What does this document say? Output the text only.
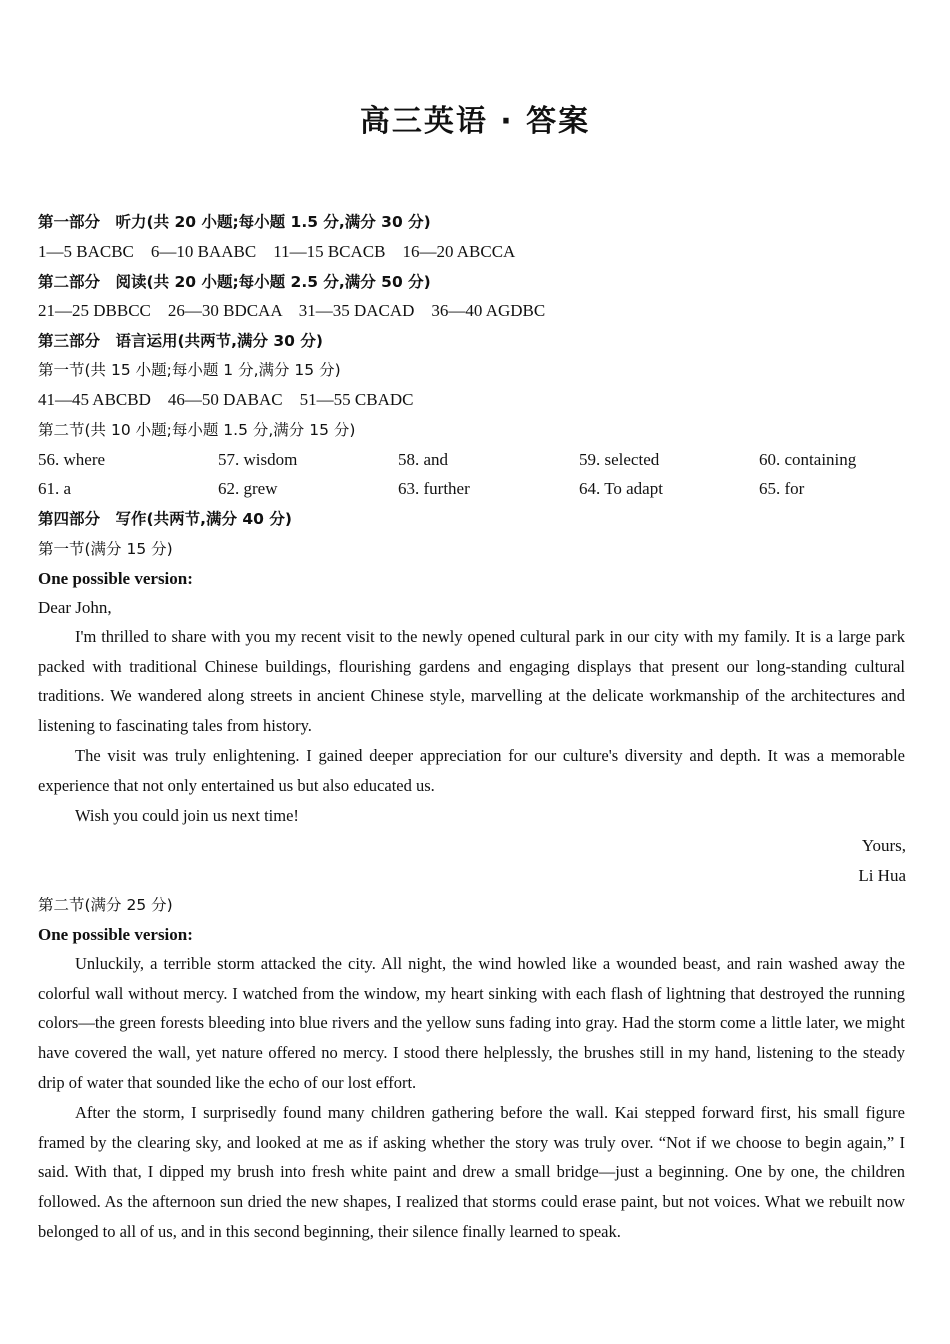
高三英语 · 答案
第一部分　听力(共 20 小题;每小题 1.5 分,满分 30 分)
1—5 BACBC　6—10 BAABC　11—15 BCACB　16—20 ABCCA
第二部分　阅读(共 20 小题;每小题 2.5 分,满分 50 分)
21—25 DBBCC　26—30 BDCAA　31—35 DACAD　36—40 AGDBC
第三部分　语言运用(共两节,满分 30 分)
第一节(共 15 小题;每小题 1 分,满分 15 分)
41—45 ABCBD　46—50 DABAC　51—55 CBADC
第二节(共 10 小题;每小题 1.5 分,满分 15 分)
56. where	57. wisdom	58. and	59. selected	60. containing
61. a	62. grew	63. further	64. To adapt	65. for
第四部分　写作(共两节,满分 40 分)
第一节(满分 15 分)
One possible version:
Dear John,

I'm thrilled to share with you my recent visit to the newly opened cultural park in our city with my family. It is a large park packed with traditional Chinese buildings, flourishing gardens and engaging displays that present our long-standing cultural traditions. We wandered along streets in ancient Chinese style, marvelling at the delicate workmanship of the architectures and listening to fascinating tales from history.

The visit was truly enlightening. I gained deeper appreciation for our culture's diversity and depth. It was a memorable experience that not only entertained us but also educated us.

Wish you could join us next time!

Yours,
Li Hua
第二节(满分 25 分)
One possible version:

Unluckily, a terrible storm attacked the city. All night, the wind howled like a wounded beast, and rain washed away the colorful wall without mercy. I watched from the window, my heart sinking with each flash of lightning that destroyed the running colors—the green forests bleeding into blue rivers and the yellow suns fading into gray. Had the storm come a little later, we might have covered the wall, yet nature offered no mercy. I stood there helplessly, the brushes still in my hand, listening to the steady drip of water that sounded like the echo of our lost effort.

After the storm, I surprisedly found many children gathering before the wall. Kai stepped forward first, his small figure framed by the clearing sky, and looked at me as if asking whether the story was truly over. “Not if we choose to begin again,” I said. With that, I dipped my brush into fresh white paint and drew a small bridge—just a beginning. One by one, the children followed. As the afternoon sun dried the new shapes, I realized that storms could erase paint, but not voices. What we rebuilt now belonged to all of us, and in this second beginning, their silence finally learned to speak.
